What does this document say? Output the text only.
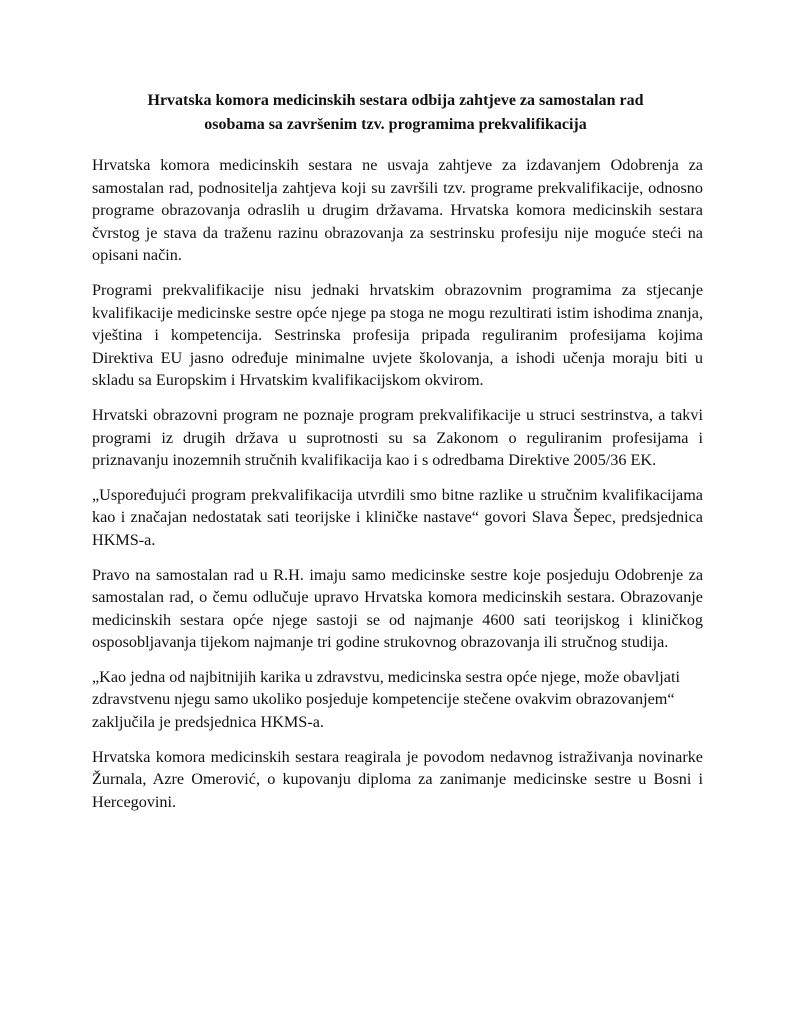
Hrvatska komora medicinskih sestara odbija zahtjeve za samostalan rad
osobama sa završenim tzv. programima prekvalifikacija

Hrvatska komora medicinskih sestara ne usvaja zahtjeve za izdavanjem Odobrenja za samostalan rad, podnositelja zahtjeva koji su završili tzv. programe prekvalifikacije, odnosno programe obrazovanja odraslih u drugim državama. Hrvatska komora medicinskih sestara čvrstog je stava da traženu razinu obrazovanja za sestrinsku profesiju nije moguće steći na opisani način.

Programi prekvalifikacije nisu jednaki hrvatskim obrazovnim programima za stjecanje kvalifikacije medicinske sestre opće njege pa stoga ne mogu rezultirati istim ishodima znanja, vještina i kompetencija. Sestrinska profesija pripada reguliranim profesijama kojima Direktiva EU jasno određuje minimalne uvjete školovanja, a ishodi učenja moraju biti u skladu sa Europskim i Hrvatskim kvalifikacijskom okvirom.

Hrvatski obrazovni program ne poznaje program prekvalifikacije u struci sestrinstva, a takvi programi iz drugih država u suprotnosti su sa Zakonom o reguliranim profesijama i priznavanju inozemnih stručnih kvalifikacija kao i s odredbama Direktive 2005/36 EK.

„Uspoređujući program prekvalifikacija utvrdili smo bitne razlike u stručnim kvalifikacijama kao i značajan nedostatak sati teorijske i kliničke nastave“ govori Slava Šepec, predsjednica HKMS-a.

Pravo na samostalan rad u R.H. imaju samo medicinske sestre koje posjeduju Odobrenje za samostalan rad, o čemu odlučuje upravo Hrvatska komora medicinskih sestara. Obrazovanje medicinskih sestara opće njege sastoji se od najmanje 4600 sati teorijskog i kliničkog osposobljavanja tijekom najmanje tri godine strukovnog obrazovanja ili stručnog studija.

„Kao jedna od najbitnijih karika u zdravstvu, medicinska sestra opće njege, može obavljati zdravstvenu njegu samo ukoliko posjeduje kompetencije stečene ovakvim obrazovanjem“ zaključila je predsjednica HKMS-a.

Hrvatska komora medicinskih sestara reagirala je povodom nedavnog istraživanja novinarke Žurnala, Azre Omerović, o kupovanju diploma za zanimanje medicinske sestre u Bosni i Hercegovini.
